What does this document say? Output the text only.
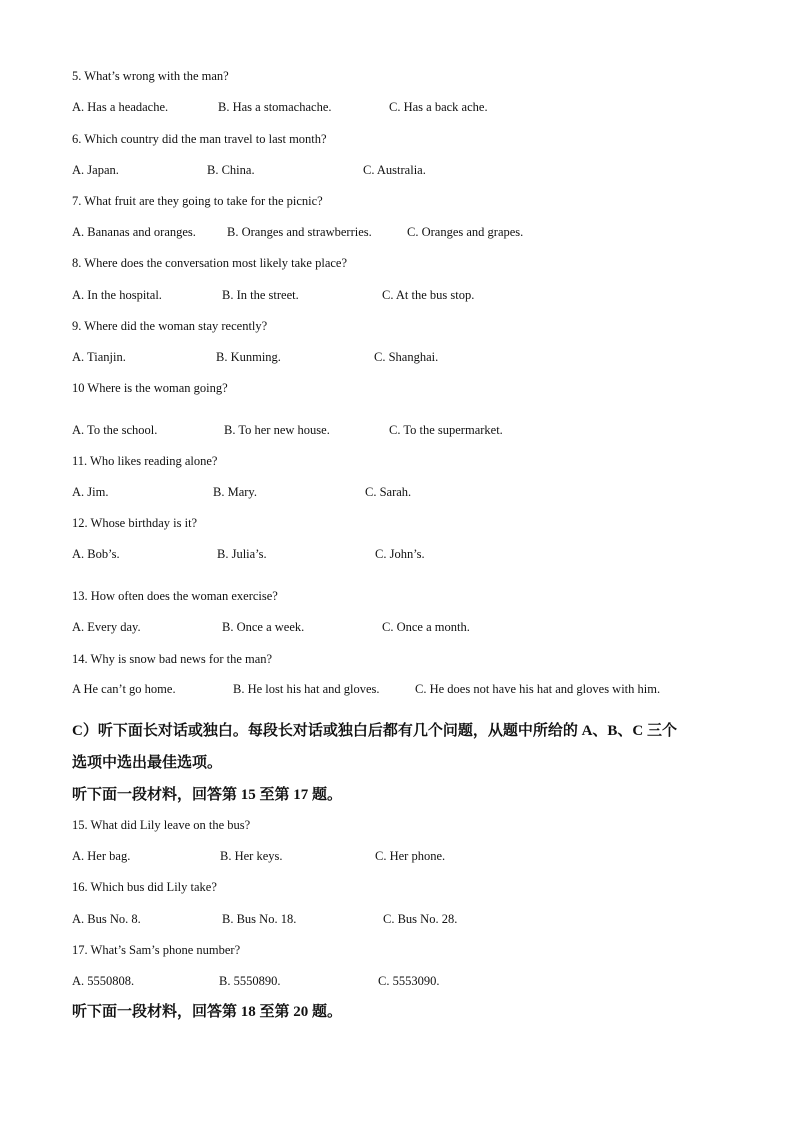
5. What’s wrong with the man?
A. Has a headache.	B. Has a stomachache.	C. Has a back ache.
6. Which country did the man travel to last month?
A. Japan.	B. China.	C. Australia.
7. What fruit are they going to take for the picnic?
A. Bananas and oranges. B. Oranges and strawberries.	C. Oranges and grapes.
8. Where does the conversation most likely take place?
A. In the hospital.	B. In the street.	C. At the bus stop.
9. Where did the woman stay recently?
A. Tianjin.	B. Kunming.	C. Shanghai.
10 Where is the woman going?
A. To the school.	B. To her new house.	C. To the supermarket.
11. Who likes reading alone?
A. Jim.	B. Mary.	C. Sarah.
12. Whose birthday is it?
A. Bob’s.	B. Julia’s.	C. John’s.
13. How often does the woman exercise?
A. Every day.	B. Once a week.	C. Once a month.
14. Why is snow bad news for the man?
A He can’t go home.	B. He lost his hat and gloves.	C. He does not have his hat and gloves with him.
C）听下面长对话或独白。每段长对话或独白后都有几个问题，从题中所给的 A、B、C 三个
选项中选出最佳选项。
听下面一段材料，回答第 15 至第 17 题。
15. What did Lily leave on the bus?
A. Her bag.	B. Her keys.	C. Her phone.
16. Which bus did Lily take?
A. Bus No. 8.	B. Bus No. 18.	C. Bus No. 28.
17. What’s Sam’s phone number?
A. 5550808.	B. 5550890.	C. 5553090.
听下面一段材料，回答第 18 至第 20 题。
